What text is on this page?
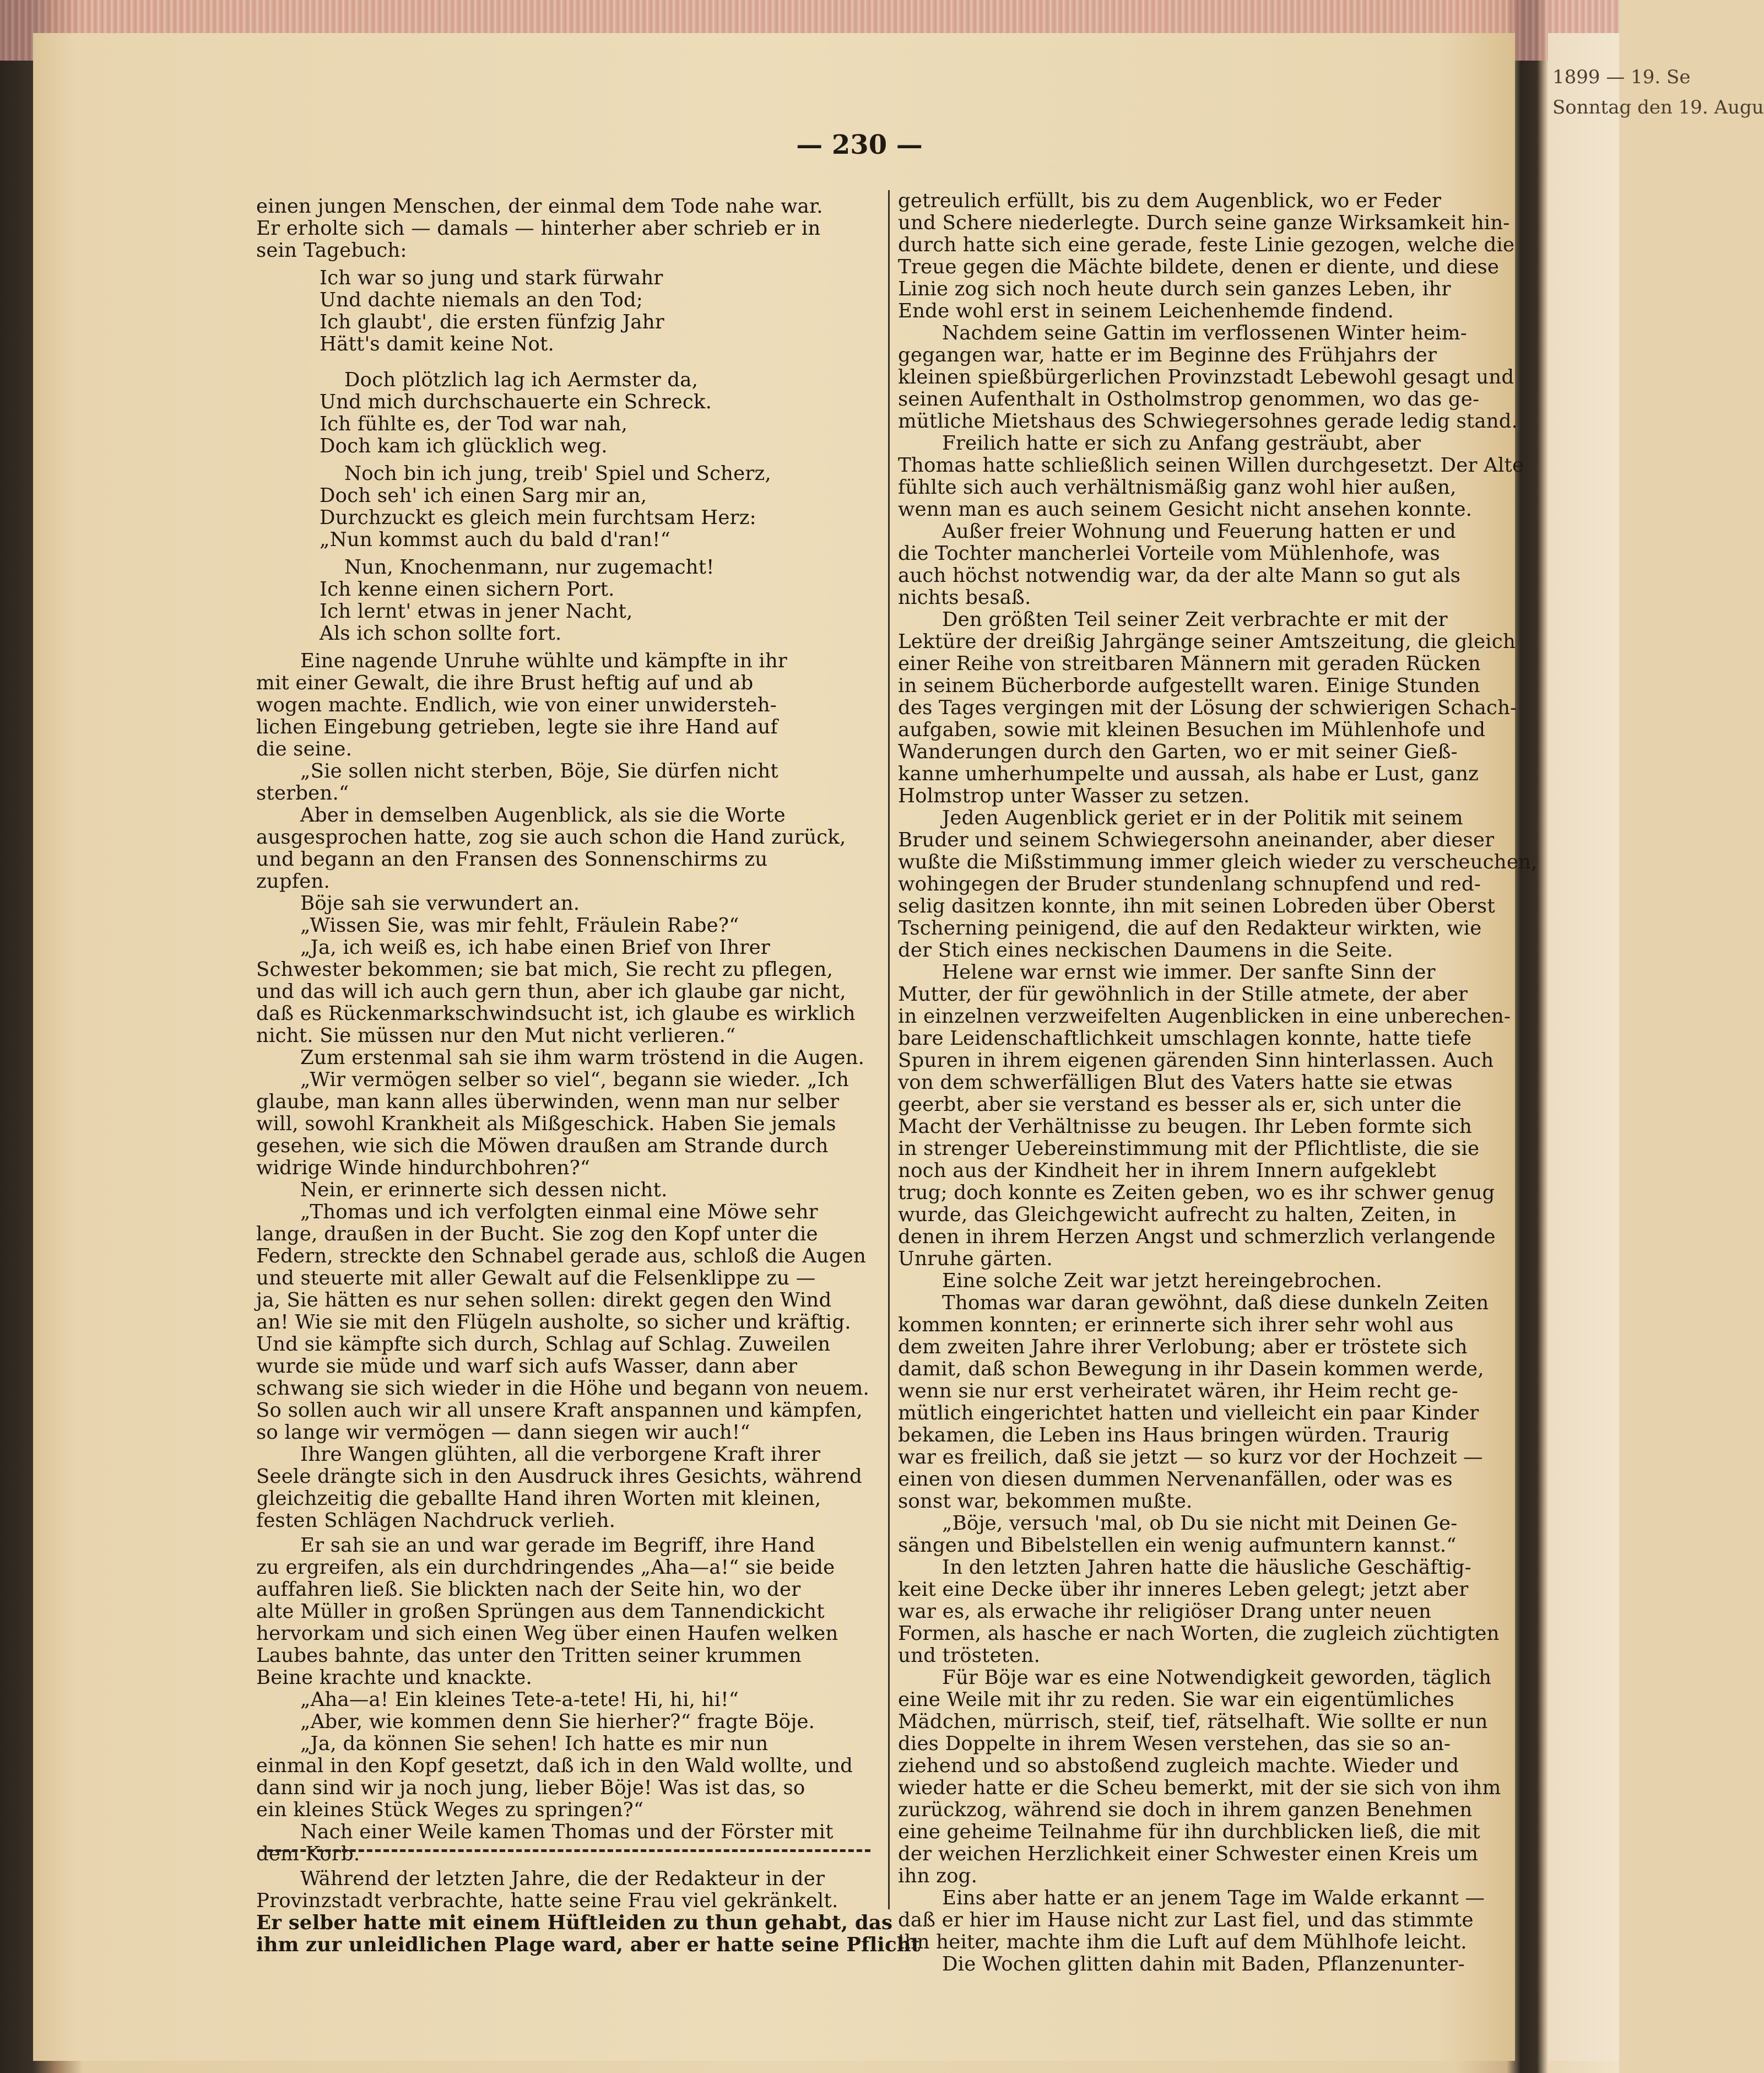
1899 — 19. Se
Sonntag den 19. Augu
— 230 —

einen jungen Menschen, der einmal dem Tode nahe war.

Er erholte sich — damals — hinterher aber schrieb er in

sein Tagebuch:

Ich war so jung und stark fürwahr

Und dachte niemals an den Tod;

Ich glaubt', die ersten fünfzig Jahr

Hätt's damit keine Not.

Doch plötzlich lag ich Aermster da,

Und mich durchschauerte ein Schreck.

Ich fühlte es, der Tod war nah,

Doch kam ich glücklich weg.

Noch bin ich jung, treib' Spiel und Scherz,

Doch seh' ich einen Sarg mir an,

Durchzuckt es gleich mein furchtsam Herz:

„Nun kommst auch du bald d'ran!“

Nun, Knochenmann, nur zugemacht!

Ich kenne einen sichern Port.

Ich lernt' etwas in jener Nacht,

Als ich schon sollte fort.

Eine nagende Unruhe wühlte und kämpfte in ihr

mit einer Gewalt, die ihre Brust heftig auf und ab

wogen machte. Endlich, wie von einer unwidersteh-

lichen Eingebung getrieben, legte sie ihre Hand auf

die seine.

„Sie sollen nicht sterben, Böje, Sie dürfen nicht

sterben.“

Aber in demselben Augenblick, als sie die Worte

ausgesprochen hatte, zog sie auch schon die Hand zurück,

und begann an den Fransen des Sonnenschirms zu

zupfen.

Böje sah sie verwundert an.

„Wissen Sie, was mir fehlt, Fräulein Rabe?“

„Ja, ich weiß es, ich habe einen Brief von Ihrer

Schwester bekommen; sie bat mich, Sie recht zu pflegen,

und das will ich auch gern thun, aber ich glaube gar nicht,

daß es Rückenmarkschwindsucht ist, ich glaube es wirklich

nicht. Sie müssen nur den Mut nicht verlieren.“

Zum erstenmal sah sie ihm warm tröstend in die Augen.

„Wir vermögen selber so viel“, begann sie wieder. „Ich

glaube, man kann alles überwinden, wenn man nur selber

will, sowohl Krankheit als Mißgeschick. Haben Sie jemals

gesehen, wie sich die Möwen draußen am Strande durch

widrige Winde hindurchbohren?“

Nein, er erinnerte sich dessen nicht.

„Thomas und ich verfolgten einmal eine Möwe sehr

lange, draußen in der Bucht. Sie zog den Kopf unter die

Federn, streckte den Schnabel gerade aus, schloß die Augen

und steuerte mit aller Gewalt auf die Felsenklippe zu —

ja, Sie hätten es nur sehen sollen: direkt gegen den Wind

an! Wie sie mit den Flügeln ausholte, so sicher und kräftig.

Und sie kämpfte sich durch, Schlag auf Schlag. Zuweilen

wurde sie müde und warf sich aufs Wasser, dann aber

schwang sie sich wieder in die Höhe und begann von neuem.

So sollen auch wir all unsere Kraft anspannen und kämpfen,

so lange wir vermögen — dann siegen wir auch!“

Ihre Wangen glühten, all die verborgene Kraft ihrer

Seele drängte sich in den Ausdruck ihres Gesichts, während

gleichzeitig die geballte Hand ihren Worten mit kleinen,

festen Schlägen Nachdruck verlieh.

Er sah sie an und war gerade im Begriff, ihre Hand

zu ergreifen, als ein durchdringendes „Aha—a!“ sie beide

auffahren ließ. Sie blickten nach der Seite hin, wo der

alte Müller in großen Sprüngen aus dem Tannendickicht

hervorkam und sich einen Weg über einen Haufen welken

Laubes bahnte, das unter den Tritten seiner krummen

Beine krachte und knackte.

„Aha—a! Ein kleines Tete-a-tete! Hi, hi, hi!“

„Aber, wie kommen denn Sie hierher?“ fragte Böje.

„Ja, da können Sie sehen! Ich hatte es mir nun

einmal in den Kopf gesetzt, daß ich in den Wald wollte, und

dann sind wir ja noch jung, lieber Böje! Was ist das, so

ein kleines Stück Weges zu springen?“

Nach einer Weile kamen Thomas und der Förster mit

dem Korb.

Während der letzten Jahre, die der Redakteur in der

Provinzstadt verbrachte, hatte seine Frau viel gekränkelt.

Er selber hatte mit einem Hüftleiden zu thun gehabt, das

ihm zur unleidlichen Plage ward, aber er hatte seine Pflicht

getreulich erfüllt, bis zu dem Augenblick, wo er Feder

und Schere niederlegte. Durch seine ganze Wirksamkeit hin-

durch hatte sich eine gerade, feste Linie gezogen, welche die

Treue gegen die Mächte bildete, denen er diente, und diese

Linie zog sich noch heute durch sein ganzes Leben, ihr

Ende wohl erst in seinem Leichenhemde findend.

Nachdem seine Gattin im verflossenen Winter heim-

gegangen war, hatte er im Beginne des Frühjahrs der

kleinen spießbürgerlichen Provinzstadt Lebewohl gesagt und

seinen Aufenthalt in Ostholmstrop genommen, wo das ge-

mütliche Mietshaus des Schwiegersohnes gerade ledig stand.

Freilich hatte er sich zu Anfang gesträubt, aber

Thomas hatte schließlich seinen Willen durchgesetzt. Der Alte

fühlte sich auch verhältnismäßig ganz wohl hier außen,

wenn man es auch seinem Gesicht nicht ansehen konnte.

Außer freier Wohnung und Feuerung hatten er und

die Tochter mancherlei Vorteile vom Mühlenhofe, was

auch höchst notwendig war, da der alte Mann so gut als

nichts besaß.

Den größten Teil seiner Zeit verbrachte er mit der

Lektüre der dreißig Jahrgänge seiner Amtszeitung, die gleich

einer Reihe von streitbaren Männern mit geraden Rücken

in seinem Bücherborde aufgestellt waren. Einige Stunden

des Tages vergingen mit der Lösung der schwierigen Schach-

aufgaben, sowie mit kleinen Besuchen im Mühlenhofe und

Wanderungen durch den Garten, wo er mit seiner Gieß-

kanne umherhumpelte und aussah, als habe er Lust, ganz

Holmstrop unter Wasser zu setzen.

Jeden Augenblick geriet er in der Politik mit seinem

Bruder und seinem Schwiegersohn aneinander, aber dieser

wußte die Mißstimmung immer gleich wieder zu verscheuchen,

wohingegen der Bruder stundenlang schnupfend und red-

selig dasitzen konnte, ihn mit seinen Lobreden über Oberst

Tscherning peinigend, die auf den Redakteur wirkten, wie

der Stich eines neckischen Daumens in die Seite.

Helene war ernst wie immer. Der sanfte Sinn der

Mutter, der für gewöhnlich in der Stille atmete, der aber

in einzelnen verzweifelten Augenblicken in eine unberechen-

bare Leidenschaftlichkeit umschlagen konnte, hatte tiefe

Spuren in ihrem eigenen gärenden Sinn hinterlassen. Auch

von dem schwerfälligen Blut des Vaters hatte sie etwas

geerbt, aber sie verstand es besser als er, sich unter die

Macht der Verhältnisse zu beugen. Ihr Leben formte sich

in strenger Uebereinstimmung mit der Pflichtliste, die sie

noch aus der Kindheit her in ihrem Innern aufgeklebt

trug; doch konnte es Zeiten geben, wo es ihr schwer genug

wurde, das Gleichgewicht aufrecht zu halten, Zeiten, in

denen in ihrem Herzen Angst und schmerzlich verlangende

Unruhe gärten.

Eine solche Zeit war jetzt hereingebrochen.

Thomas war daran gewöhnt, daß diese dunkeln Zeiten

kommen konnten; er erinnerte sich ihrer sehr wohl aus

dem zweiten Jahre ihrer Verlobung; aber er tröstete sich

damit, daß schon Bewegung in ihr Dasein kommen werde,

wenn sie nur erst verheiratet wären, ihr Heim recht ge-

mütlich eingerichtet hatten und vielleicht ein paar Kinder

bekamen, die Leben ins Haus bringen würden. Traurig

war es freilich, daß sie jetzt — so kurz vor der Hochzeit —

einen von diesen dummen Nervenanfällen, oder was es

sonst war, bekommen mußte.

„Böje, versuch 'mal, ob Du sie nicht mit Deinen Ge-

sängen und Bibelstellen ein wenig aufmuntern kannst.“

In den letzten Jahren hatte die häusliche Geschäftig-

keit eine Decke über ihr inneres Leben gelegt; jetzt aber

war es, als erwache ihr religiöser Drang unter neuen

Formen, als hasche er nach Worten, die zugleich züchtigten

und trösteten.

Für Böje war es eine Notwendigkeit geworden, täglich

eine Weile mit ihr zu reden. Sie war ein eigentümliches

Mädchen, mürrisch, steif, tief, rätselhaft. Wie sollte er nun

dies Doppelte in ihrem Wesen verstehen, das sie so an-

ziehend und so abstoßend zugleich machte. Wieder und

wieder hatte er die Scheu bemerkt, mit der sie sich von ihm

zurückzog, während sie doch in ihrem ganzen Benehmen

eine geheime Teilnahme für ihn durchblicken ließ, die mit

der weichen Herzlichkeit einer Schwester einen Kreis um

ihn zog.

Eins aber hatte er an jenem Tage im Walde erkannt —

daß er hier im Hause nicht zur Last fiel, und das stimmte

ihn heiter, machte ihm die Luft auf dem Mühlhofe leicht.

Die Wochen glitten dahin mit Baden, Pflanzenunter-
